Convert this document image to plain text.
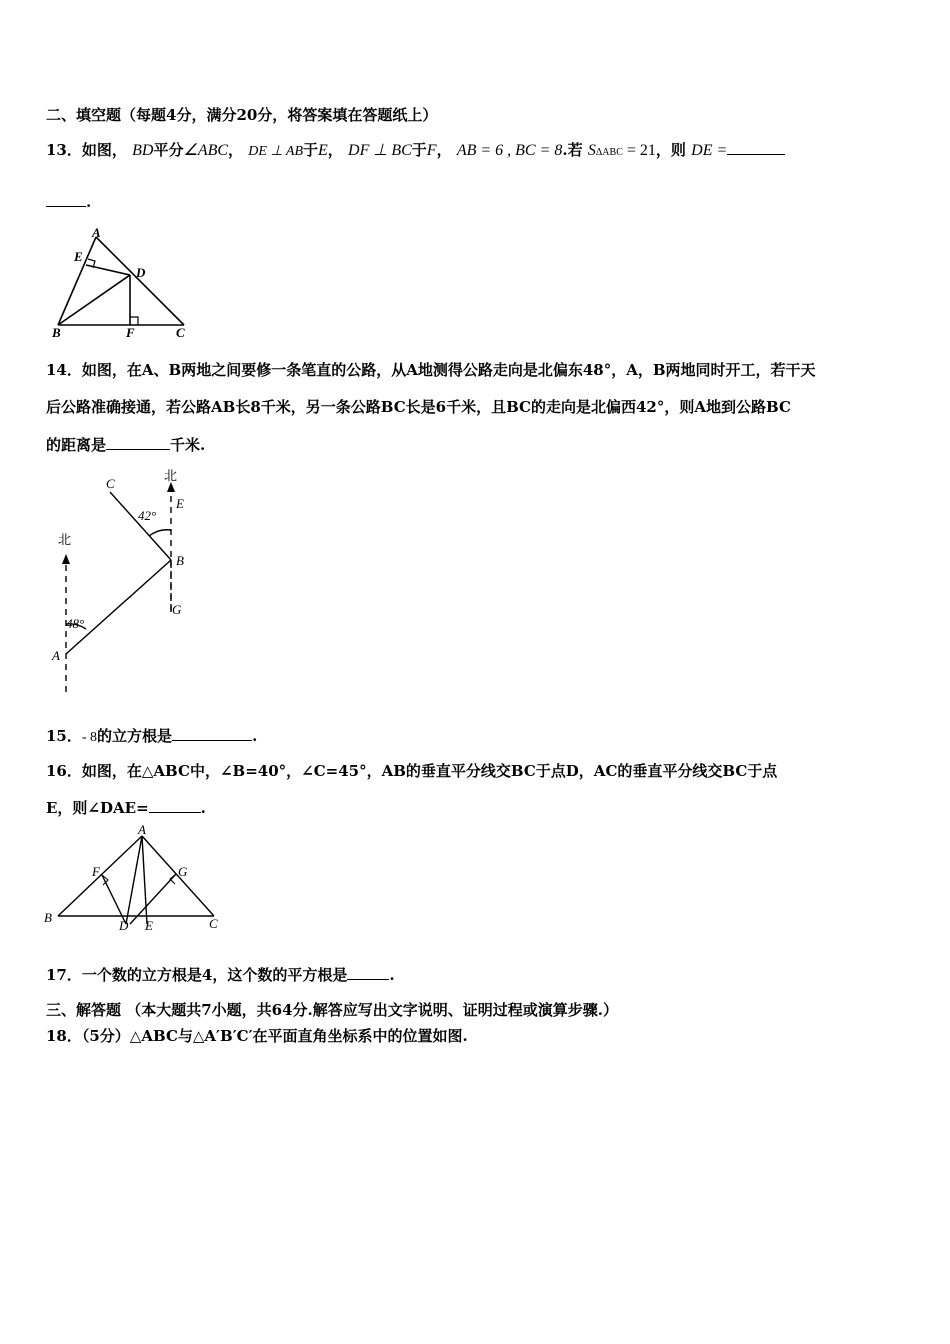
二、填空题（每题4分，满分20分，将答案填在答题纸上）
13．如图， BD平分∠ABC， DE ⊥ AB于E， DF ⊥ BC于F， AB = 6 , BC = 8.若 SΔABC = 21，则 DE =
.
A
E
D
B	F	C
14．如图，在A、B两地之间要修一条笔直的公路，从A地测得公路走向是北偏东48°，A，B两地同时开工，若干天
后公路准确接通，若公路AB长8千米，另一条公路BC长是6千米，且BC的走向是北偏西42°，则A地到公路BC
的距离是	千米.
北
北
C
E
42°
B
G
48°
A
15．- 8的立方根是	.
16．如图，在△ABC中，∠B=40°，∠C=45°，AB的垂直平分线交BC于点D，AC的垂直平分线交BC于点
E，则∠DAE=	.
A
F	G
B
D E	C
17．一个数的立方根是4，这个数的平方根是	.
三、解答题 （本大题共7小题，共64分.解答应写出文字说明、证明过程或演算步骤.）
18．（5分）△ABC与△A′B′C′在平面直角坐标系中的位置如图.
